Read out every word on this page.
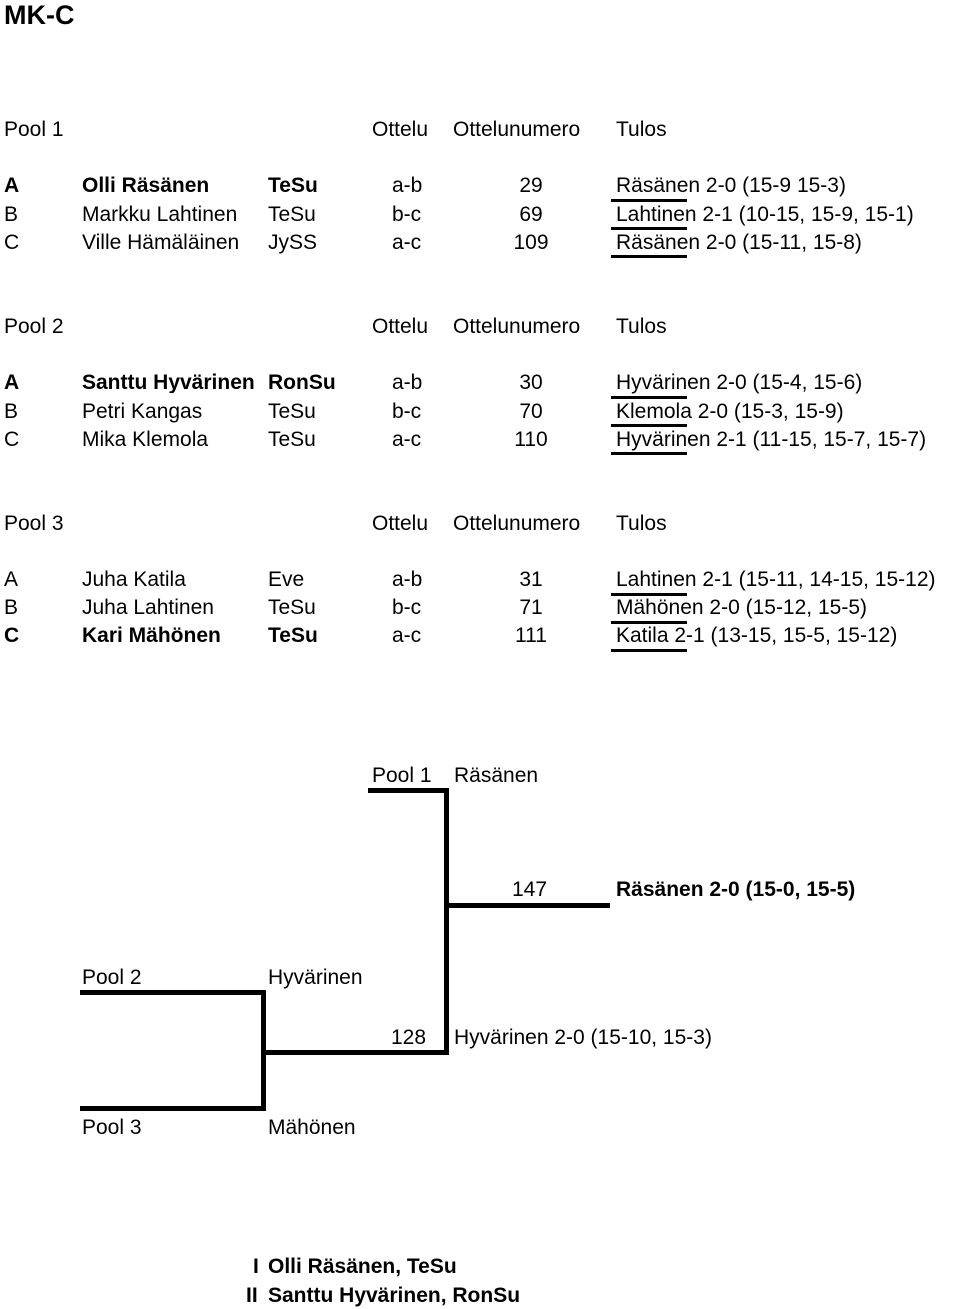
MK-C
Pool 1	Ottelu Ottelunumero Tulos
A	Olli Räsänen	TeSu	a-b	29	Räsänen 2-0 (15-9 15-3)
B	Markku Lahtinen TeSu	b-c	69	Lahtinen 2-1 (10-15, 15-9, 15-1)
C	Ville Hämäläinen JySS	a-c	109	Räsänen 2-0 (15-11, 15-8)
Pool 2	Ottelu Ottelunumero Tulos
A	Santtu Hyvärinen RonSu	a-b	30	Hyvärinen 2-0 (15-4, 15-6)
B	Petri Kangas	TeSu	b-c	70	Klemola 2-0 (15-3, 15-9)
C	Mika Klemola	TeSu	a-c	110	Hyvärinen 2-1 (11-15, 15-7, 15-7)
Pool 3	Ottelu Ottelunumero Tulos
A	Juha Katila	Eve	a-b	31	Lahtinen 2-1 (15-11, 14-15, 15-12)
B	Juha Lahtinen	TeSu	b-c	71	Mähönen 2-0 (15-12, 15-5)
C	Kari Mähönen TeSu	a-c	111	Katila 2-1 (13-15, 15-5, 15-12)
Pool 1 Räsänen
147	Räsänen 2-0 (15-0, 15-5)
Pool 2	Hyvärinen
128 Hyvärinen 2-0 (15-10, 15-3)
Pool 3	Mähönen
I Olli Räsänen, TeSu
II Santtu Hyvärinen, RonSu
